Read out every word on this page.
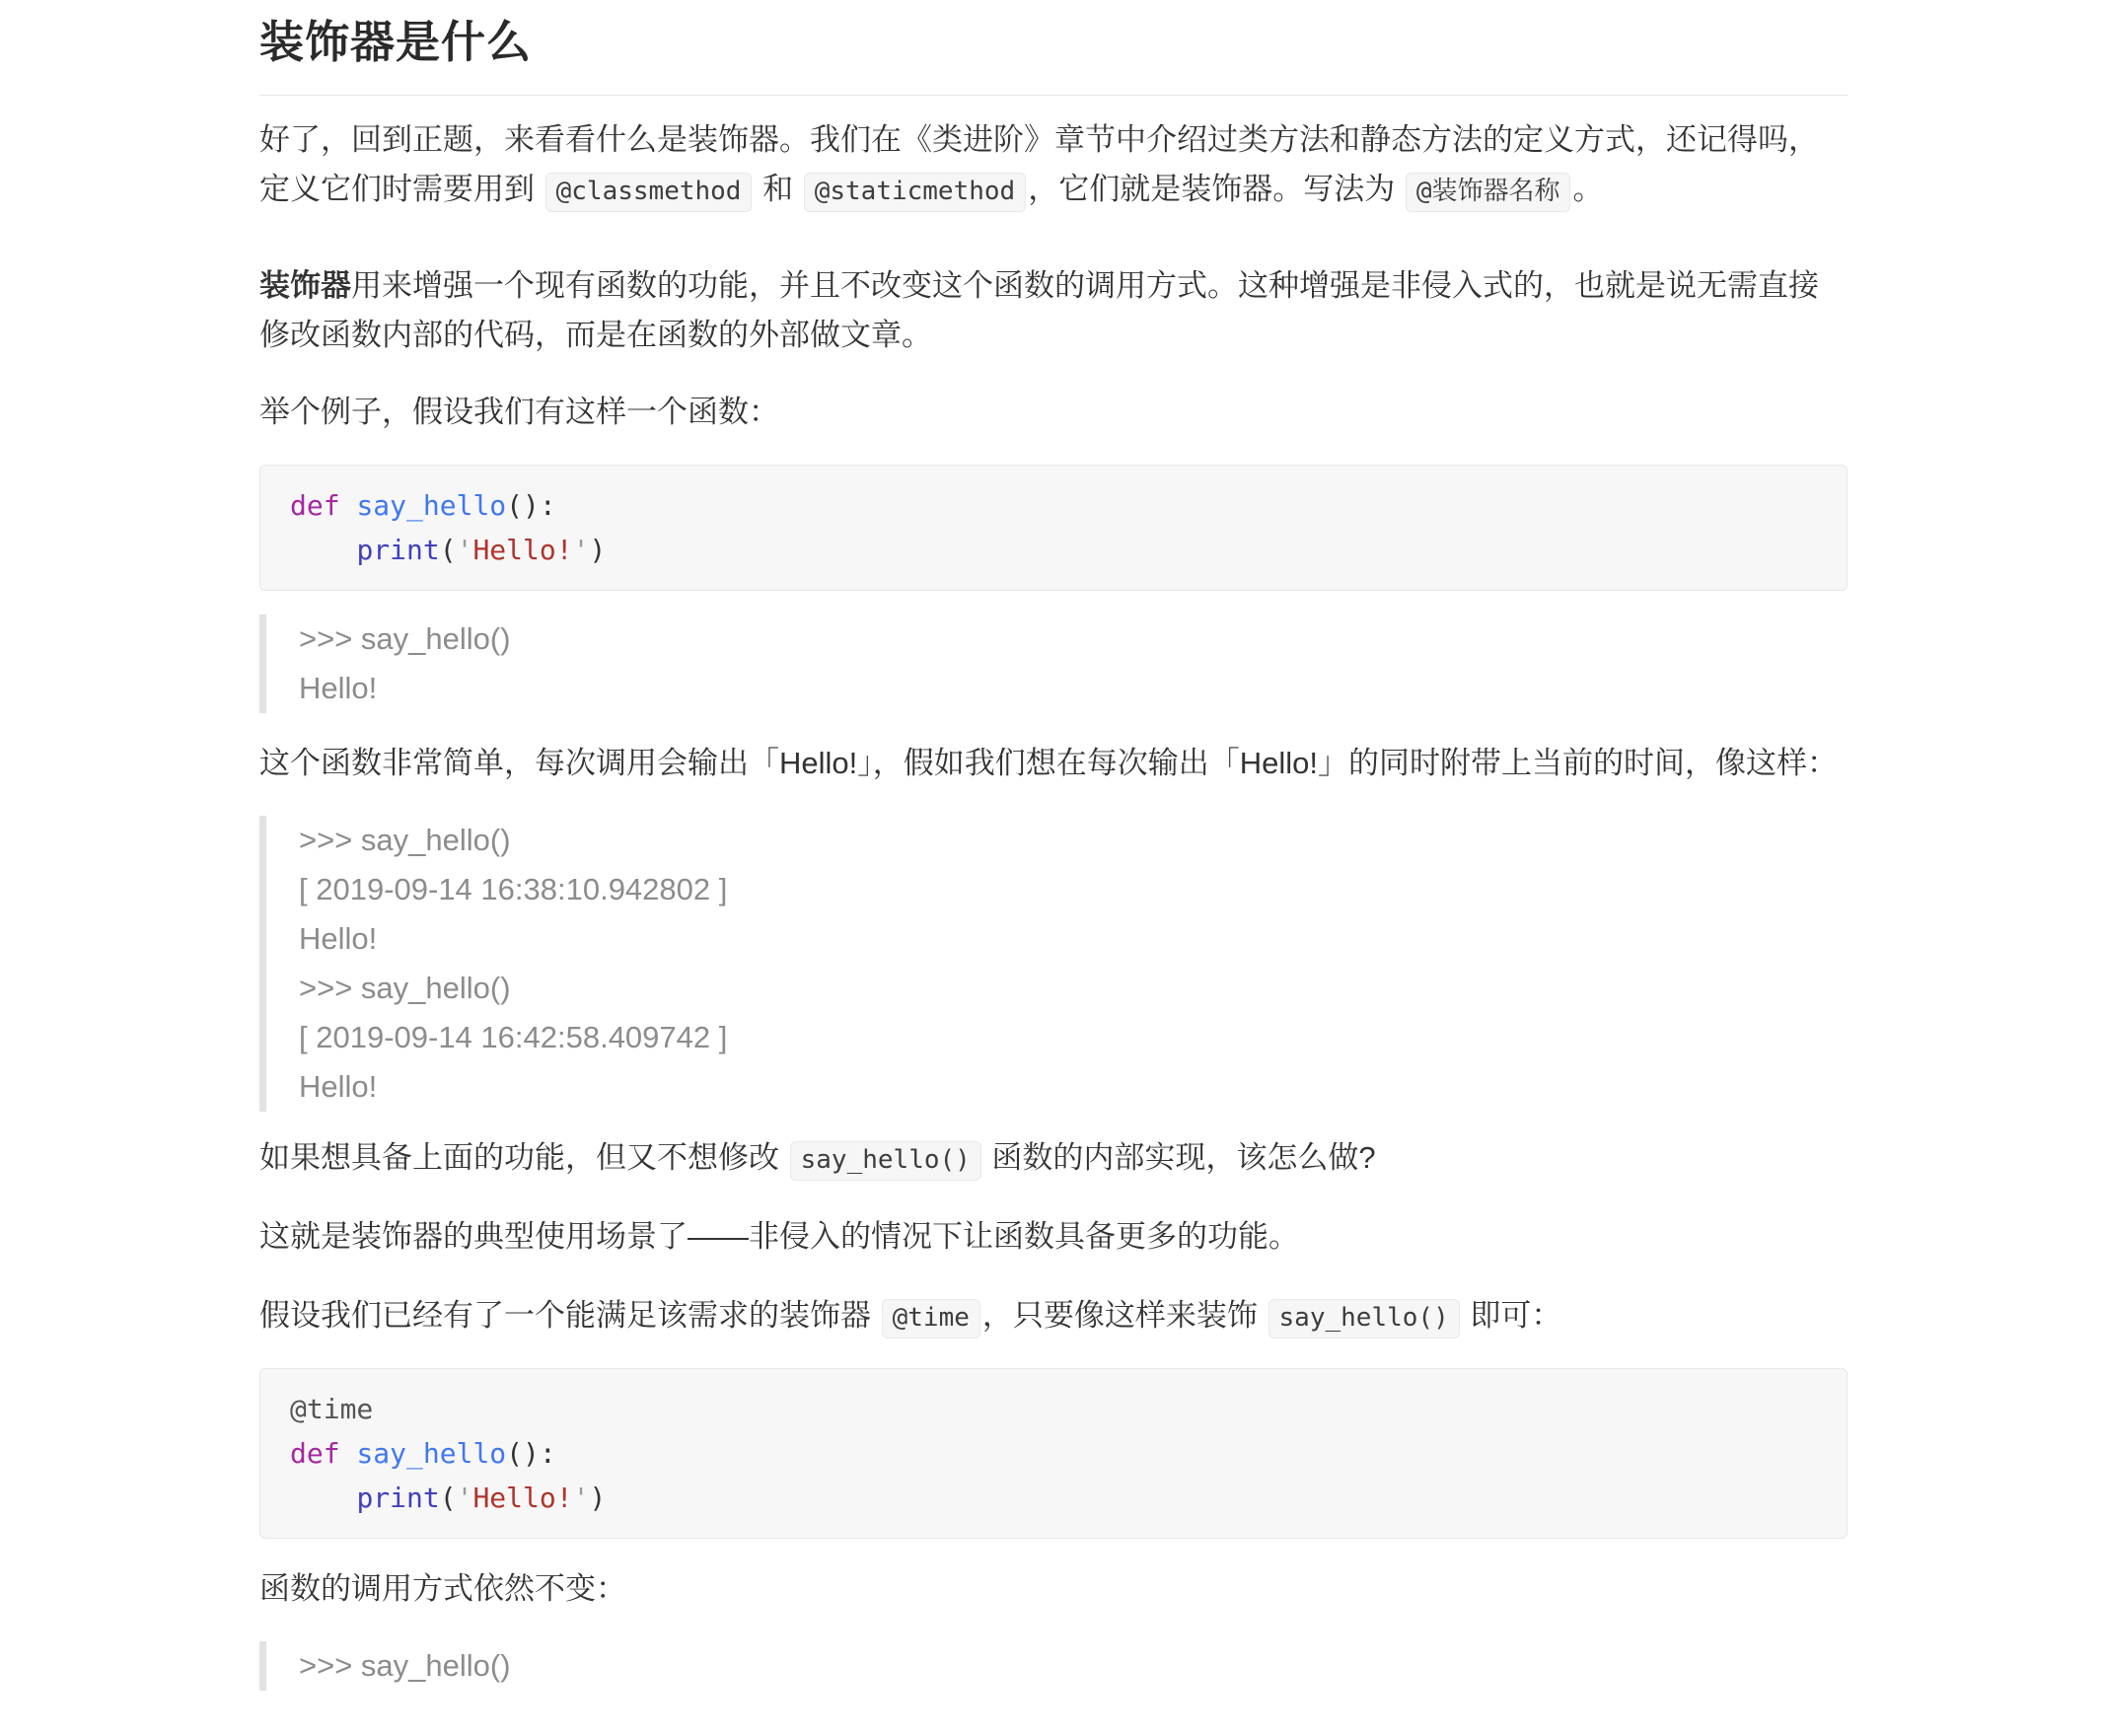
装饰器是什么

好了，回到正题，来看看什么是装饰器。我们在《类进阶》章节中介绍过类方法和静态方法的定义方式，还记得吗，定义它们时需要用到 @classmethod 和 @staticmethod ，它们就是装饰器。写法为 @装饰器名称 。

装饰器用来增强一个现有函数的功能，并且不改变这个函数的调用方式。这种增强是非侵入式的，也就是说无需直接修改函数内部的代码，而是在函数的外部做文章。

举个例子，假设我们有这样一个函数：

def say_hello():
print('Hello!')
>>> say_hello()
Hello!

这个函数非常简单，每次调用会输出「Hello!」，假如我们想在每次输出「Hello!」的同时附带上当前的时间，像这样：

>>> say_hello()
[ 2019-09-14 16:38:10.942802 ]
Hello!
>>> say_hello()
[ 2019-09-14 16:42:58.409742 ]
Hello!

如果想具备上面的功能，但又不想修改 say_hello() 函数的内部实现，该怎么做?

这就是装饰器的典型使用场景了——非侵入的情况下让函数具备更多的功能。

假设我们已经有了一个能满足该需求的装饰器 @time ，只要像这样来装饰 say_hello() 即可：

@time
def say_hello():
print('Hello!')

函数的调用方式依然不变：

>>> say_hello()
